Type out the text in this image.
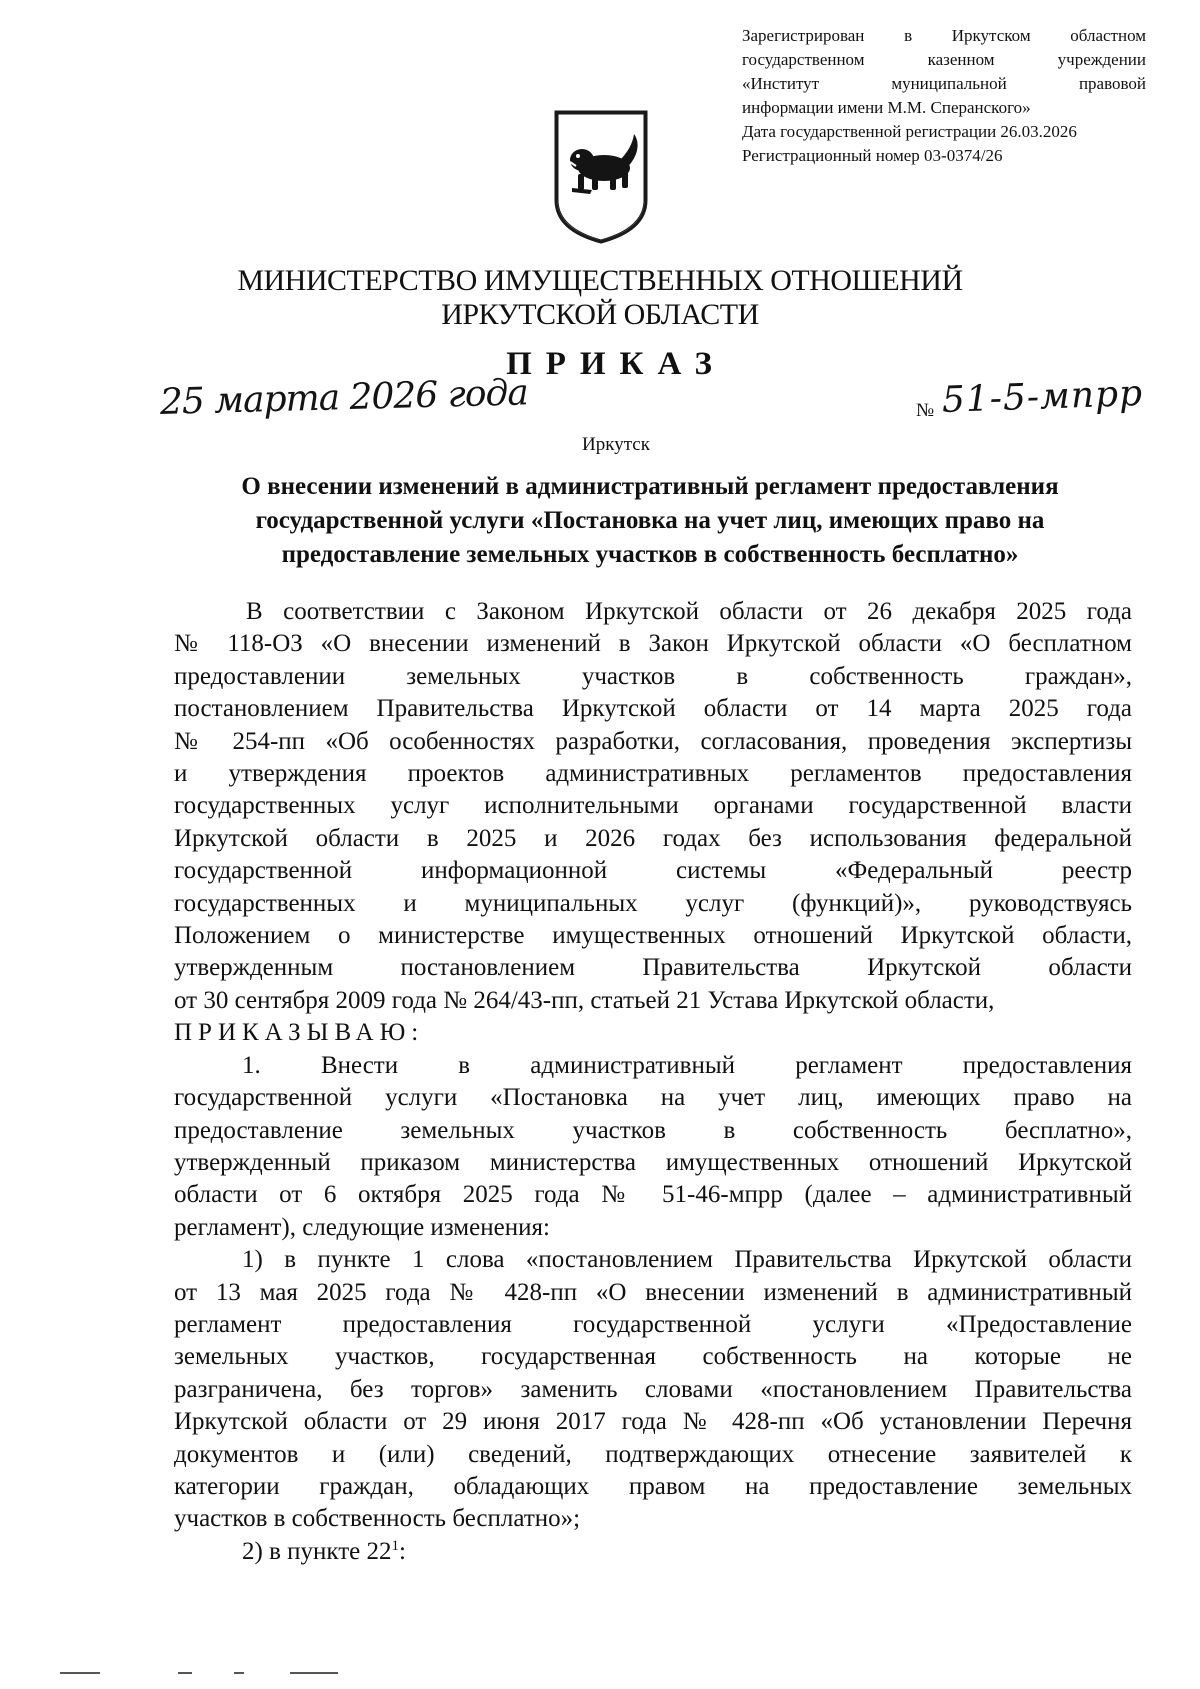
Зарегистрирован в Иркутском областном
государственном казенном учреждении
«Институт муниципальной правовой
информации имени М.М. Сперанского»
Дата государственной регистрации 26.03.2026
Регистрационный номер 03-0374/26
МИНИСТЕРСТВО ИМУЩЕСТВЕННЫХ ОТНОШЕНИЙ
ИРКУТСКОЙ ОБЛАСТИ
ПРИКАЗ
25 марта 2026 года	№ 51-5-мпрр
Иркутск
О внесении изменений в административный регламент предоставления
государственной услуги «Постановка на учет лиц, имеющих право на
предоставление земельных участков в собственность бесплатно»
В соответствии с Законом Иркутской области от 26 декабря 2025 года
№ 118-ОЗ «О внесении изменений в Закон Иркутской области «О бесплатном
предоставлении земельных участков в собственность граждан»,
постановлением Правительства Иркутской области от 14 марта 2025 года
№ 254-пп «Об особенностях разработки, согласования, проведения экспертизы
и утверждения проектов административных регламентов предоставления
государственных услуг исполнительными органами государственной власти
Иркутской области в 2025 и 2026 годах без использования федеральной
государственной информационной системы «Федеральный реестр
государственных и муниципальных услуг (функций)», руководствуясь
Положением о министерстве имущественных отношений Иркутской области,
утвержденным постановлением Правительства Иркутской области
от 30 сентября 2009 года № 264/43-пп, статьей 21 Устава Иркутской области,
ПРИКАЗЫВАЮ:
1. Внести в административный регламент предоставления
государственной услуги «Постановка на учет лиц, имеющих право на
предоставление земельных участков в собственность бесплатно»,
утвержденный приказом министерства имущественных отношений Иркутской
области от 6 октября 2025 года № 51-46-мпрр (далее – административный
регламент), следующие изменения:
1) в пункте 1 слова «постановлением Правительства Иркутской области
от 13 мая 2025 года № 428-пп «О внесении изменений в административный
регламент предоставления государственной услуги «Предоставление
земельных участков, государственная собственность на которые не
разграничена, без торгов» заменить словами «постановлением Правительства
Иркутской области от 29 июня 2017 года № 428-пп «Об установлении Перечня
документов и (или) сведений, подтверждающих отнесение заявителей к
категории граждан, обладающих правом на предоставление земельных
участков в собственность бесплатно»;
2) в пункте $22^1$:
